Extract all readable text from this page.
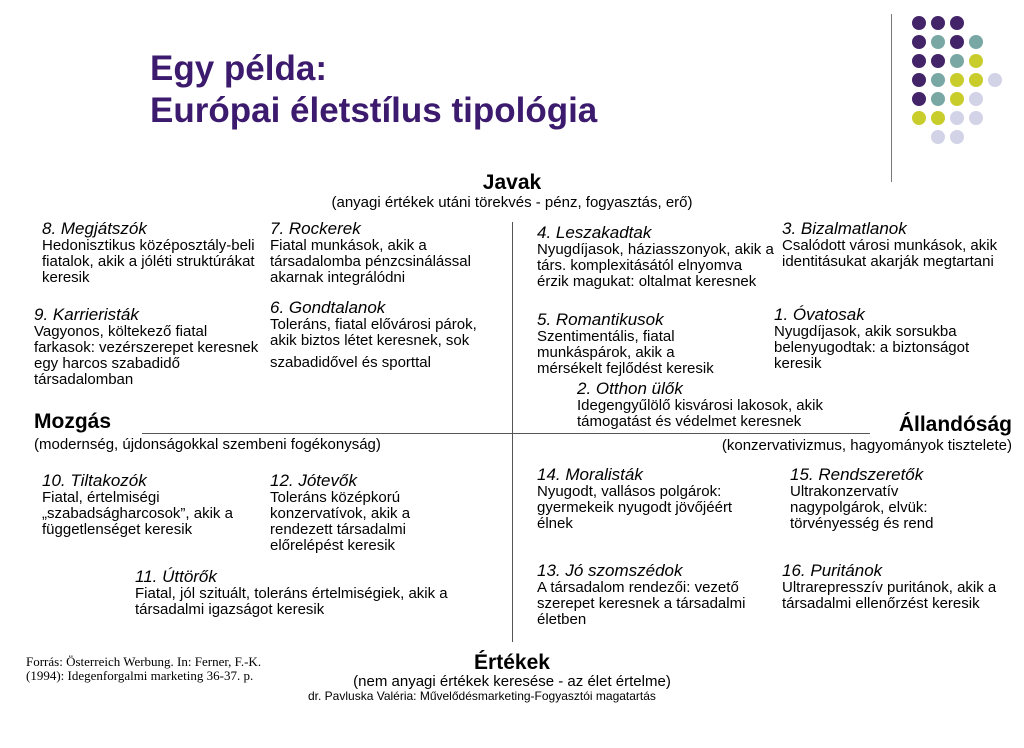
Egy példa:
Európai életstílus tipológia
Javak
(anyagi értékek utáni törekvés - pénz, fogyasztás, erő)
Mozgás
(modernség, újdonságokkal szembeni fogékonyság)
Állandóság
(konzervativizmus, hagyományok tisztelete)
Értékek
(nem anyagi értékek keresése - az élet értelme)
8. Megjátszók
Hedonisztikus középosztály-beli fiatalok, akik a jóléti struktúrákat keresik
7. Rockerek
Fiatal munkások, akik a társadalomba pénzcsinálással akarnak integrálódni
4. Leszakadtak
Nyugdíjasok, háziasszonyok, akik a társ. komplexitásától elnyomva érzik magukat: oltalmat keresnek
3. Bizalmatlanok
Csalódott városi munkások, akik identitásukat akarják megtartani
9. Karrieristák
Vagyonos, költekező fiatal farkasok: vezérszerepet keresnek egy harcos szabadidő társadalomban
6. Gondtalanok
Toleráns, fiatal elővárosi párok, akik biztos létet keresnek, sok
szabadidővel és sporttal
5. Romantikusok
Szentimentális, fiatal munkáspárok, akik a mérsékelt fejlődést keresik
1. Óvatosak
Nyugdíjasok, akik sorsukba belenyugodtak: a biztonságot keresik
2. Otthon ülők
Idegengyűlölő kisvárosi lakosok, akik támogatást és védelmet keresnek
10. Tiltakozók
Fiatal, értelmiségi „szabadságharcosok”, akik a függetlenséget keresik
12. Jótevők
Toleráns középkorú konzervatívok, akik a rendezett társadalmi előrelépést keresik
14. Moralisták
Nyugodt, vallásos polgárok: gyermekeik nyugodt jövőjéért élnek
15. Rendszeretők
Ultrakonzervatív nagypolgárok, elvük: törvényesség és rend
11. Úttörők
Fiatal, jól szituált, toleráns értelmiségiek, akik a társadalmi igazságot keresik
13. Jó szomszédok
A társadalom rendezői: vezető szerepet keresnek a társadalmi életben
16. Puritánok
Ultrarepresszív puritánok, akik a társadalmi ellenőrzést keresik
Forrás: Österreich Werbung. In: Ferner, F.-K. (1994): Idegenforgalmi marketing 36-37. p.
dr. Pavluska Valéria: Művelődésmarketing-Fogyasztói magatartás
